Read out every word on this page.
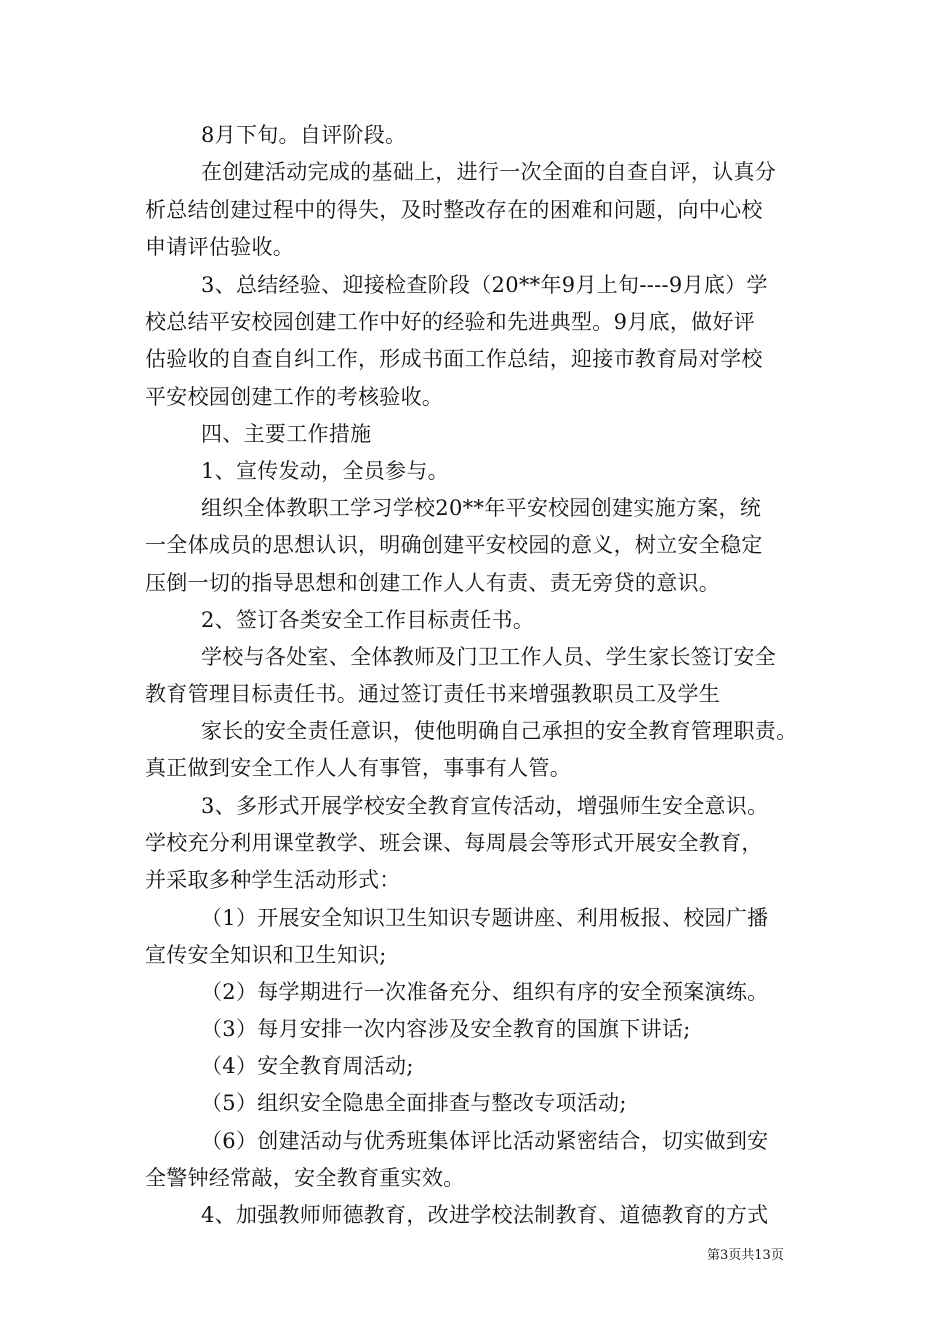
8月下旬。自评阶段。
在创建活动完成的基础上，进行一次全面的自查自评，认真分
析总结创建过程中的得失，及时整改存在的困难和问题，向中心校
申请评估验收。
3、总结经验、迎接检查阶段（20**年9月上旬----9月底）学
校总结平安校园创建工作中好的经验和先进典型。9月底，做好评
估验收的自查自纠工作，形成书面工作总结，迎接市教育局对学校
平安校园创建工作的考核验收。
四、主要工作措施
1、宣传发动，全员参与。
组织全体教职工学习学校20**年平安校园创建实施方案，统
一全体成员的思想认识，明确创建平安校园的意义，树立安全稳定
压倒一切的指导思想和创建工作人人有责、责无旁贷的意识。
2、签订各类安全工作目标责任书。
学校与各处室、全体教师及门卫工作人员、学生家长签订安全
教育管理目标责任书。通过签订责任书来增强教职员工及学生
家长的安全责任意识，使他明确自己承担的安全教育管理职责。
真正做到安全工作人人有事管，事事有人管。
3、多形式开展学校安全教育宣传活动，增强师生安全意识。
学校充分利用课堂教学、班会课、每周晨会等形式开展安全教育，
并采取多种学生活动形式：
（1）开展安全知识卫生知识专题讲座、利用板报、校园广播
宣传安全知识和卫生知识;
（2）每学期进行一次准备充分、组织有序的安全预案演练。
（3）每月安排一次内容涉及安全教育的国旗下讲话;
（4）安全教育周活动;
（5）组织安全隐患全面排查与整改专项活动;
（6）创建活动与优秀班集体评比活动紧密结合，切实做到安
全警钟经常敲，安全教育重实效。
4、加强教师师德教育，改进学校法制教育、道德教育的方式
第3页共13页
